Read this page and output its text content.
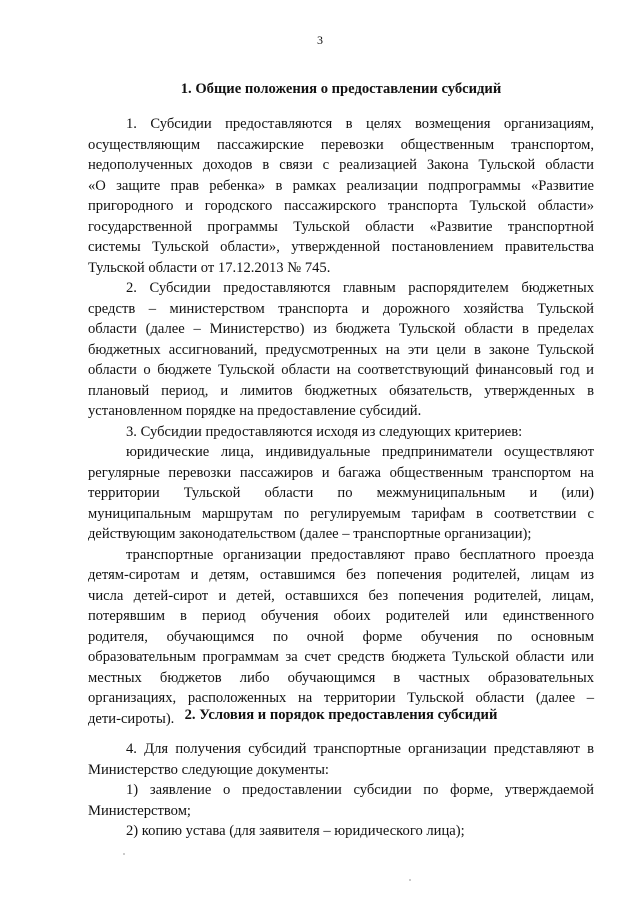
3
1. Общие положения о предоставлении субсидий
1. Субсидии предоставляются в целях возмещения организациям,
осуществляющим пассажирские перевозки общественным транспортом,
недополученных доходов в связи с реализацией Закона Тульской области
«О защите прав ребенка» в рамках реализации подпрограммы «Развитие
пригородного и городского пассажирского транспорта Тульской области»
государственной программы Тульской области «Развитие транспортной
системы Тульской области», утвержденной постановлением правительства
Тульской области от 17.12.2013 № 745.
2. Субсидии предоставляются главным распорядителем бюджетных
средств – министерством транспорта и дорожного хозяйства Тульской
области (далее – Министерство) из бюджета Тульской области в пределах
бюджетных ассигнований, предусмотренных на эти цели в законе Тульской
области о бюджете Тульской области на соответствующий финансовый год и
плановый период, и лимитов бюджетных обязательств, утвержденных в
установленном порядке на предоставление субсидий.
3. Субсидии предоставляются исходя из следующих критериев:
юридические лица, индивидуальные предприниматели осуществляют
регулярные перевозки пассажиров и багажа общественным транспортом на
территории Тульской области по межмуниципальным и (или)
муниципальным маршрутам по регулируемым тарифам в соответствии с
действующим законодательством (далее – транспортные организации);
транспортные организации предоставляют право бесплатного проезда
детям-сиротам и детям, оставшимся без попечения родителей, лицам из
числа детей-сирот и детей, оставшихся без попечения родителей, лицам,
потерявшим в период обучения обоих родителей или единственного
родителя, обучающимся по очной форме обучения по основным
образовательным программам за счет средств бюджета Тульской области или
местных бюджетов либо обучающимся в частных образовательных
организациях, расположенных на территории Тульской области (далее –
дети-сироты). 2. Условия и порядок предоставления субсидий
4. Для получения субсидий транспортные организации представляют в
Министерство следующие документы:
1) заявление о предоставлении субсидии по форме, утверждаемой
Министерством;
2) копию устава (для заявителя – юридического лица);
